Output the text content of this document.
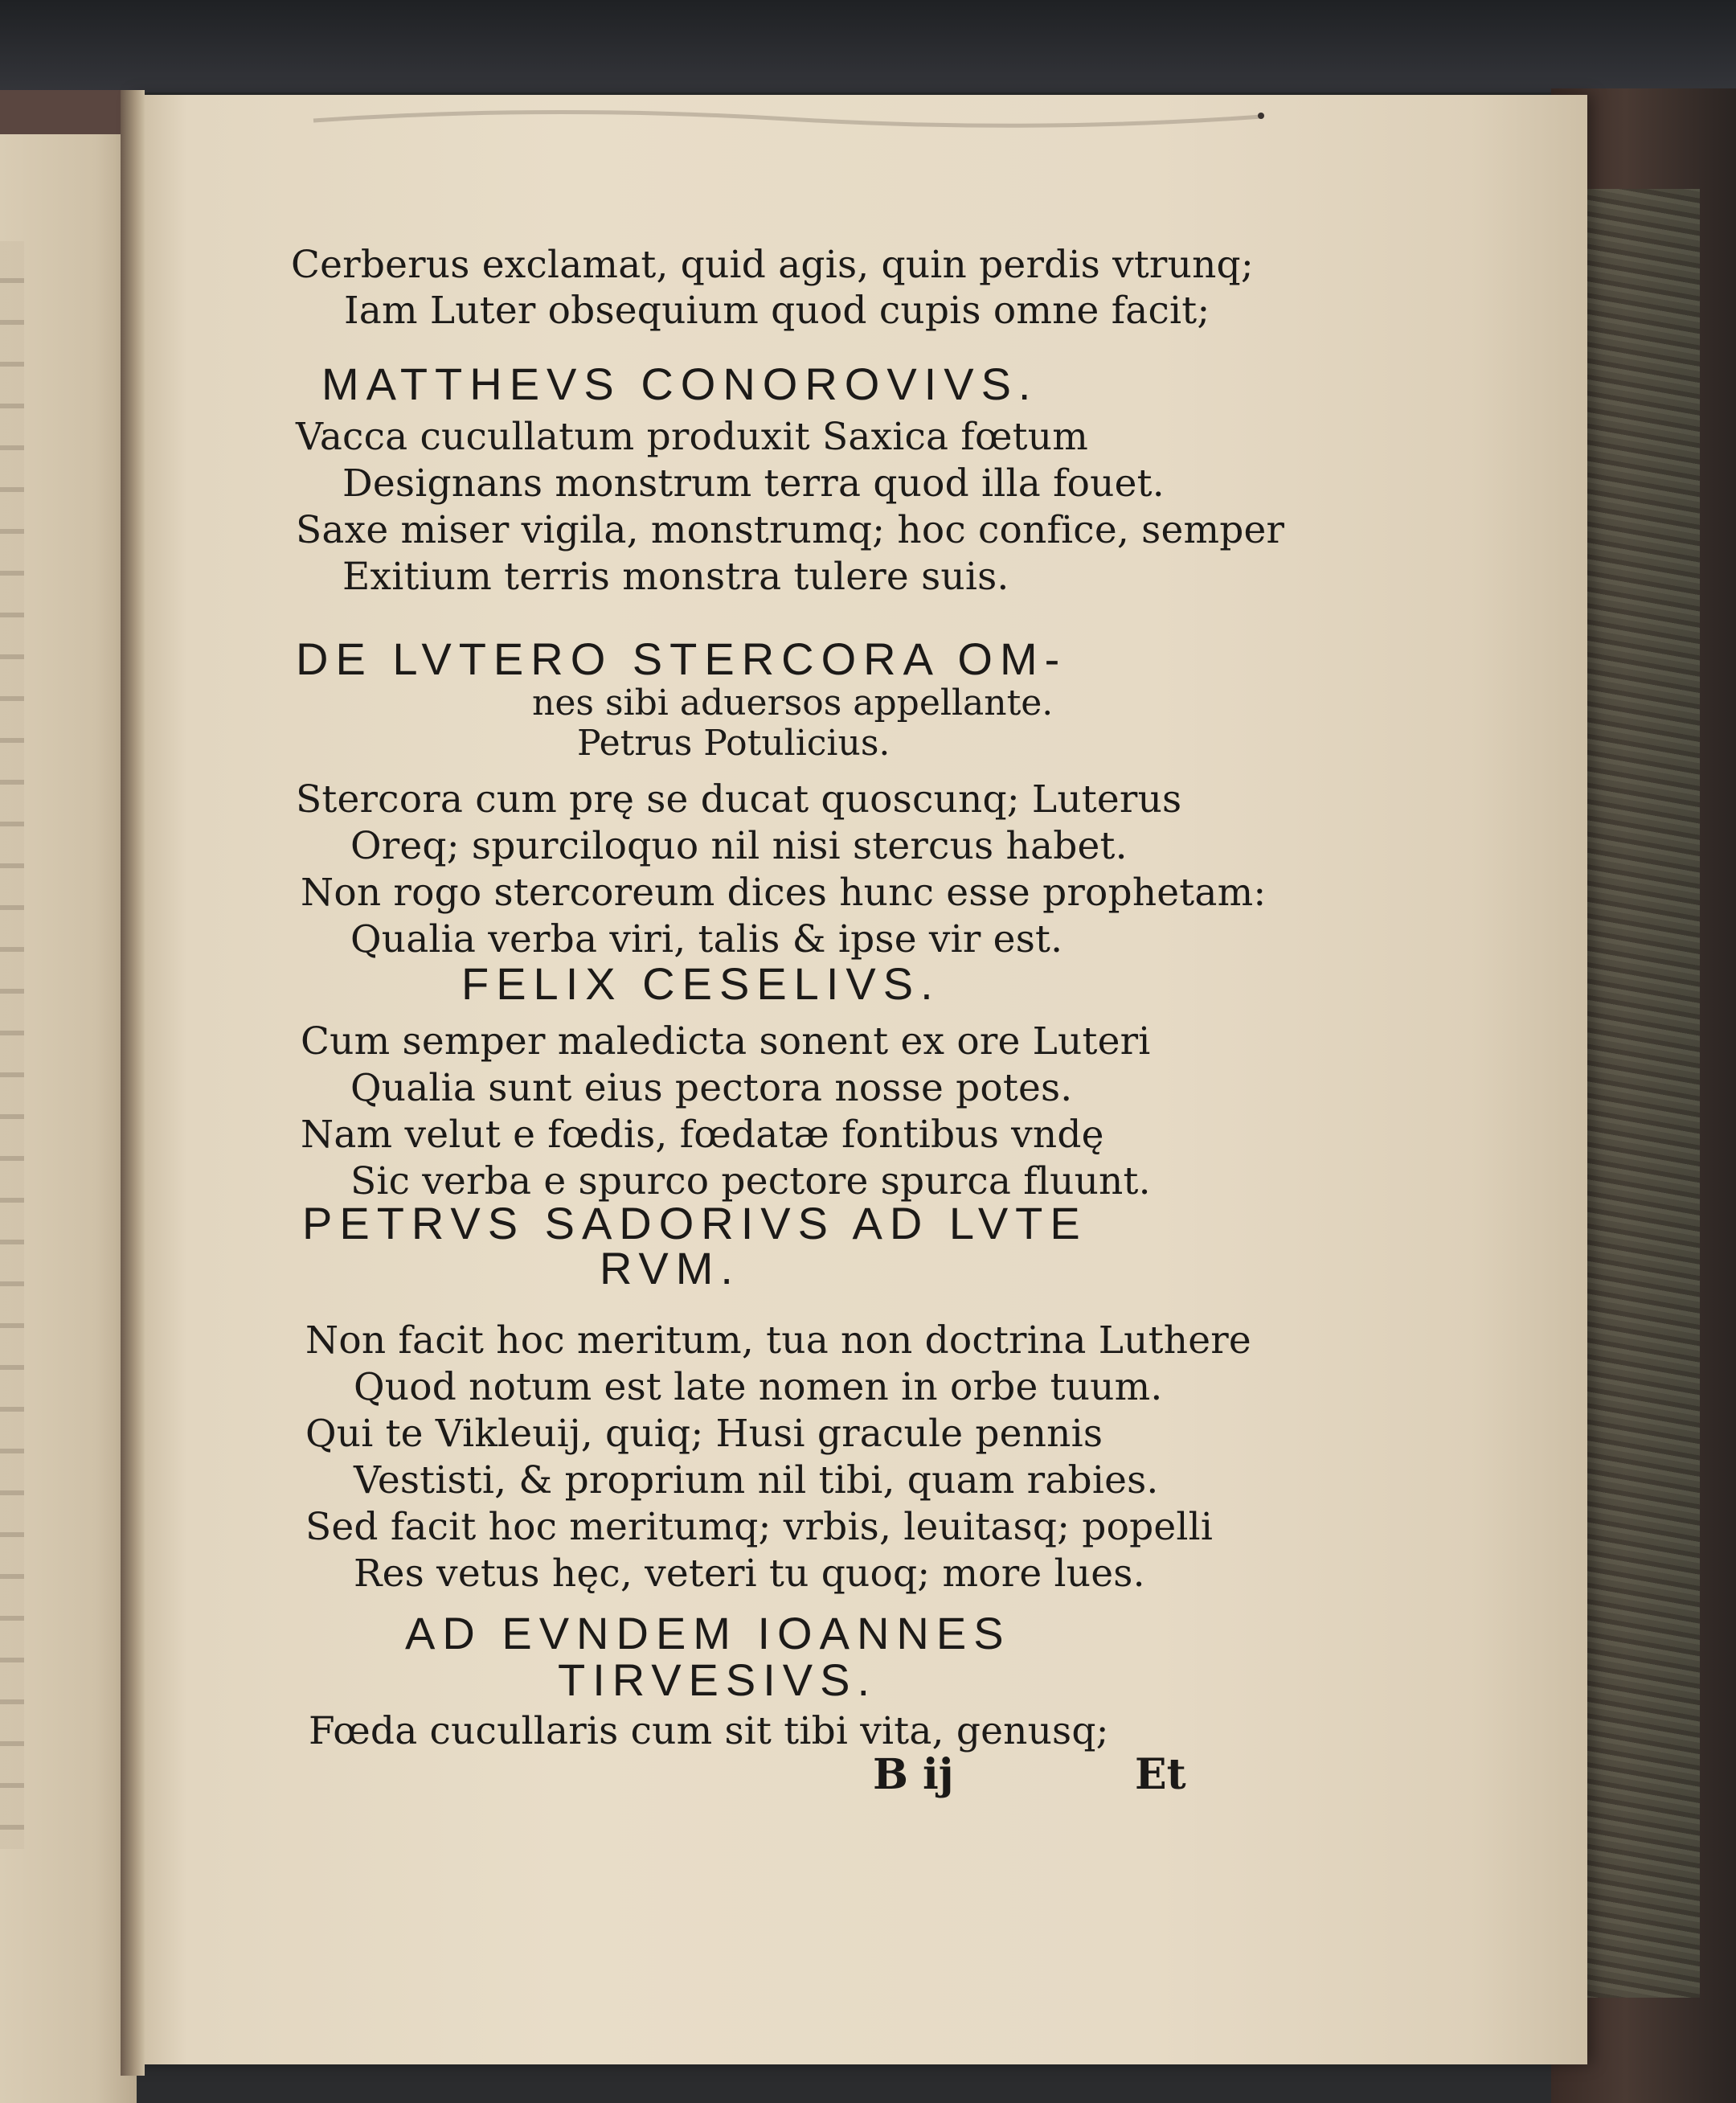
Cerberus exclamat, quid agis, quin perdis vtrunq;
Iam Luter obsequium quod cupis omne facit;
MATTHEVS CONOROVIVS.
Vacca cucullatum produxit Saxica fœtum
Designans monstrum terra quod illa fouet.
Saxe miser vigila, monstrumq; hoc confice, semper
Exitium terris monstra tulere suis.
DE LVTERO STERCORA OM-
nes sibi aduersos appellante.
Petrus Potulicius.
Stercora cum prę se ducat quoscunq; Luterus
Oreq; spurciloquo nil nisi stercus habet.
Non rogo stercoreum dices hunc esse prophetam:
Qualia verba viri, talis & ipse vir est.
FELIX CESELIVS.
Cum semper maledicta sonent ex ore Luteri
Qualia sunt eius pectora nosse potes.
Nam velut e fœdis, fœdatæ fontibus vndę
Sic verba e spurco pectore spurca fluunt.
PETRVS SADORIVS AD LVTE
RVM.
Non facit hoc meritum, tua non doctrina Luthere
Quod notum est late nomen in orbe tuum.
Qui te Vikleuij, quiq; Husi gracule pennis
Vestisti, & proprium nil tibi, quam rabies.
Sed facit hoc meritumq; vrbis, leuitasq; popelli
Res vetus hęc, veteri tu quoq; more lues.
AD EVNDEM IOANNES
TIRVESIVS.
Fœda cucullaris cum sit tibi vita, genusq;
B ij	Et
